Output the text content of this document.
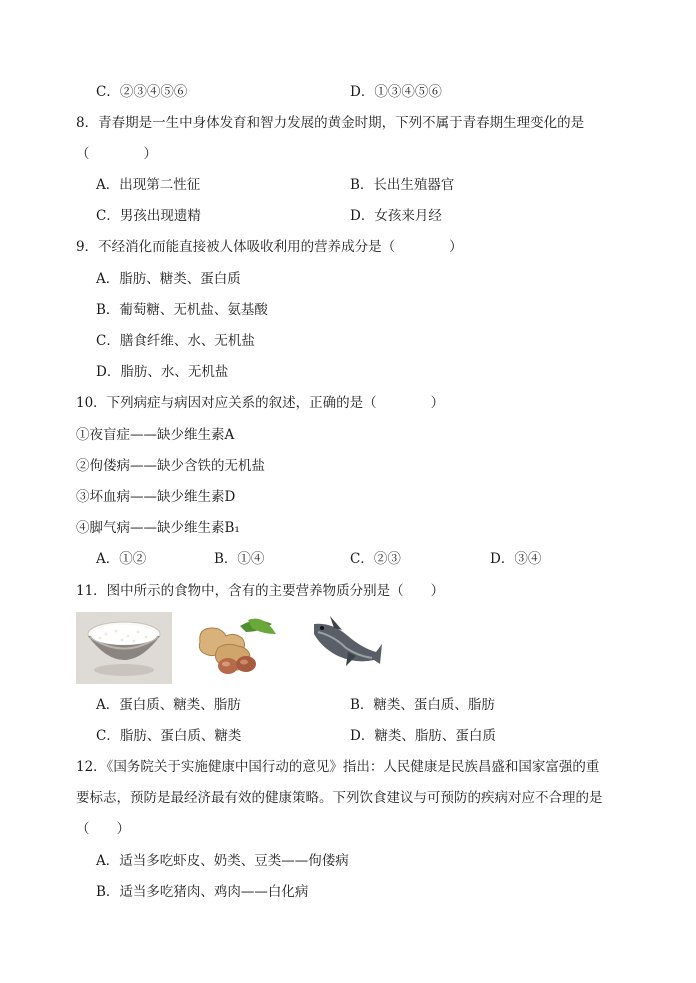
C．②③④⑤⑥	D．①③④⑤⑥
8．青春期是一生中身体发育和智力发展的黄金时期，下列不属于青春期生理变化的是
（　　　　）
A．出现第二性征	B．长出生殖器官
C．男孩出现遗精	D．女孩来月经
9．不经消化而能直接被人体吸收利用的营养成分是（　　　　）
A．脂肪、糖类、蛋白质
B．葡萄糖、无机盐、氨基酸
C．膳食纤维、水、无机盐
D．脂肪、水、无机盐
10．下列病症与病因对应关系的叙述，正确的是（　　　　）
①夜盲症——缺少维生素A
②佝偻病——缺少含铁的无机盐
③坏血病——缺少维生素D
④脚气病——缺少维生素B₁
A．①②	B．①④	C．②③	D．③④
11．图中所示的食物中，含有的主要营养物质分别是（　　）
A．蛋白质、糖类、脂肪	B．糖类、蛋白质、脂肪
C．脂肪、蛋白质、糖类	D．糖类、脂肪、蛋白质
12．《国务院关于实施健康中国行动的意见》指出：人民健康是民族昌盛和国家富强的重
要标志，预防是最经济最有效的健康策略。下列饮食建议与可预防的疾病对应不合理的是
（　　）
A．适当多吃虾皮、奶类、豆类——佝偻病
B．适当多吃猪肉、鸡肉——白化病
